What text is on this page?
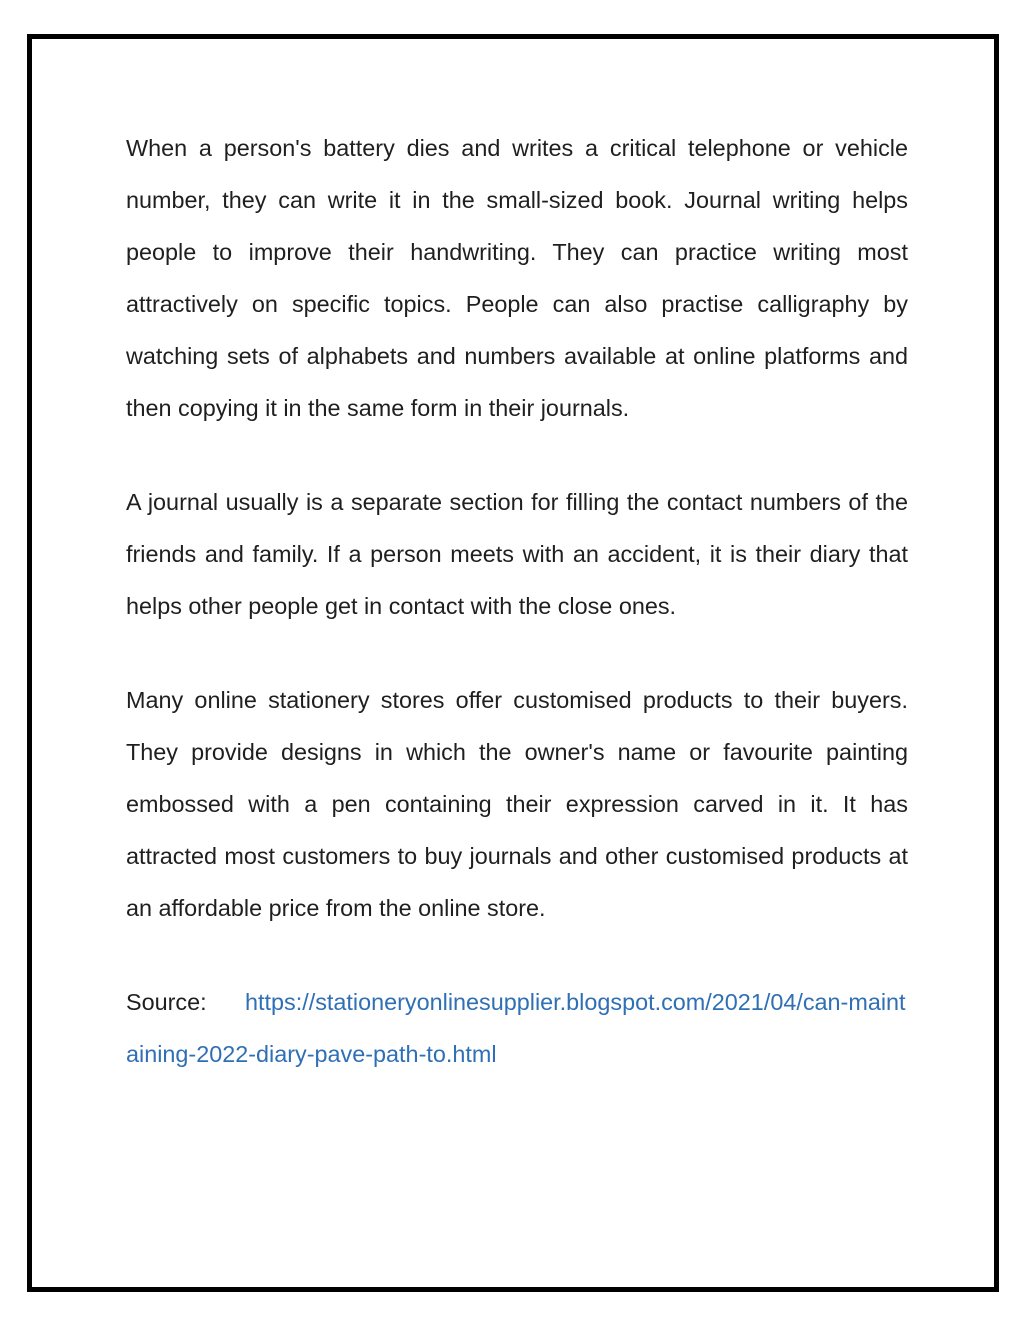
When a person's battery dies and writes a critical telephone or vehicle number, they can write it in the small-sized book. Journal writing helps people to improve their handwriting. They can practice writing most attractively on specific topics. People can also practise calligraphy by watching sets of alphabets and numbers available at online platforms and then copying it in the same form in their journals.

A journal usually is a separate section for filling the contact numbers of the friends and family. If a person meets with an accident, it is their diary that helps other people get in contact with the close ones.

Many online stationery stores offer customised products to their buyers. They provide designs in which the owner's name or favourite painting embossed with a pen containing their expression carved in it. It has attracted most customers to buy journals and other customised products at an affordable price from the online store.

Source: https://stationeryonlinesupplier.blogspot.com/2021/04/can-maintaining-2022-diary-pave-path-to.html
